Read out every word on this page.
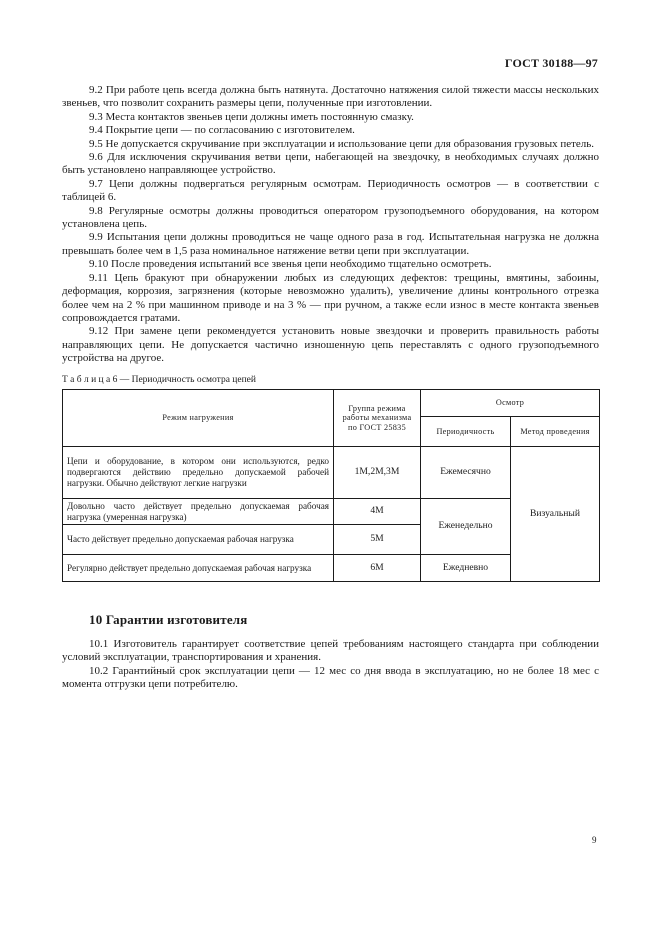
ГОСТ 30188—97

9.2 При работе цепь всегда должна быть натянута. Достаточно натяжения силой тяжести массы нескольких звеньев, что позволит сохранить размеры цепи, полученные при изготовлении.

9.3 Места контактов звеньев цепи должны иметь постоянную смазку.

9.4 Покрытие цепи — по согласованию с изготовителем.

9.5 Не допускается скручивание при эксплуатации и использование цепи для образования грузовых петель.

9.6 Для исключения скручивания ветви цепи, набегающей на звездочку, в необходимых случаях должно быть установлено направляющее устройство.

9.7 Цепи должны подвергаться регулярным осмотрам. Периодичность осмотров — в соответствии с таблицей 6.

9.8 Регулярные осмотры должны проводиться оператором грузоподъемного оборудования, на котором установлена цепь.

9.9 Испытания цепи должны проводиться не чаще одного раза в год. Испытательная нагрузка не должна превышать более чем в 1,5 раза номинальное натяжение ветви цепи при эксплуатации.

9.10 После проведения испытаний все звенья цепи необходимо тщательно осмотреть.

9.11 Цепь бракуют при обнаружении любых из следующих дефектов: трещины, вмятины, забоины, деформация, коррозия, загрязнения (которые невозможно удалить), увеличение длины контрольного отрезка более чем на 2 % при машинном приводе и на 3 % — при ручном, а также если износ в месте контакта звеньев сопровождается гратами.

9.12 При замене цепи рекомендуется установить новые звездочки и проверить правильность работы направляющих цепи. Не допускается частично изношенную цепь переставлять с одного грузоподъемного устройства на другое.

Т а б л и ц а 6 — Периодичность осмотра цепей
Режим нагружения	Группа режима работы механизма по ГОСТ 25835	Осмотр	
		Периодичность	Метод проведения
Цепи и оборудование, в котором они используются, редко подвергаются действию предельно допускаемой рабочей нагрузки. Обычно действуют легкие нагрузки	1М,2М,3М	Ежемесячно	Визуальный
Довольно часто действует предельно допускаемая рабочая нагрузка (умеренная нагрузка)	4М	Еженедельно	
Часто действует предельно допускаемая рабочая нагрузка	5М		
Регулярно действует предельно допускаемая рабочая нагрузка	6М	Ежедневно	
10 Гарантии изготовителя

10.1 Изготовитель гарантирует соответствие цепей требованиям настоящего стандарта при соблюдении условий эксплуатации, транспортирования и хранения.

10.2 Гарантийный срок эксплуатации цепи — 12 мес со дня ввода в эксплуатацию, но не более 18 мес с момента отгрузки цепи потребителю.

9
